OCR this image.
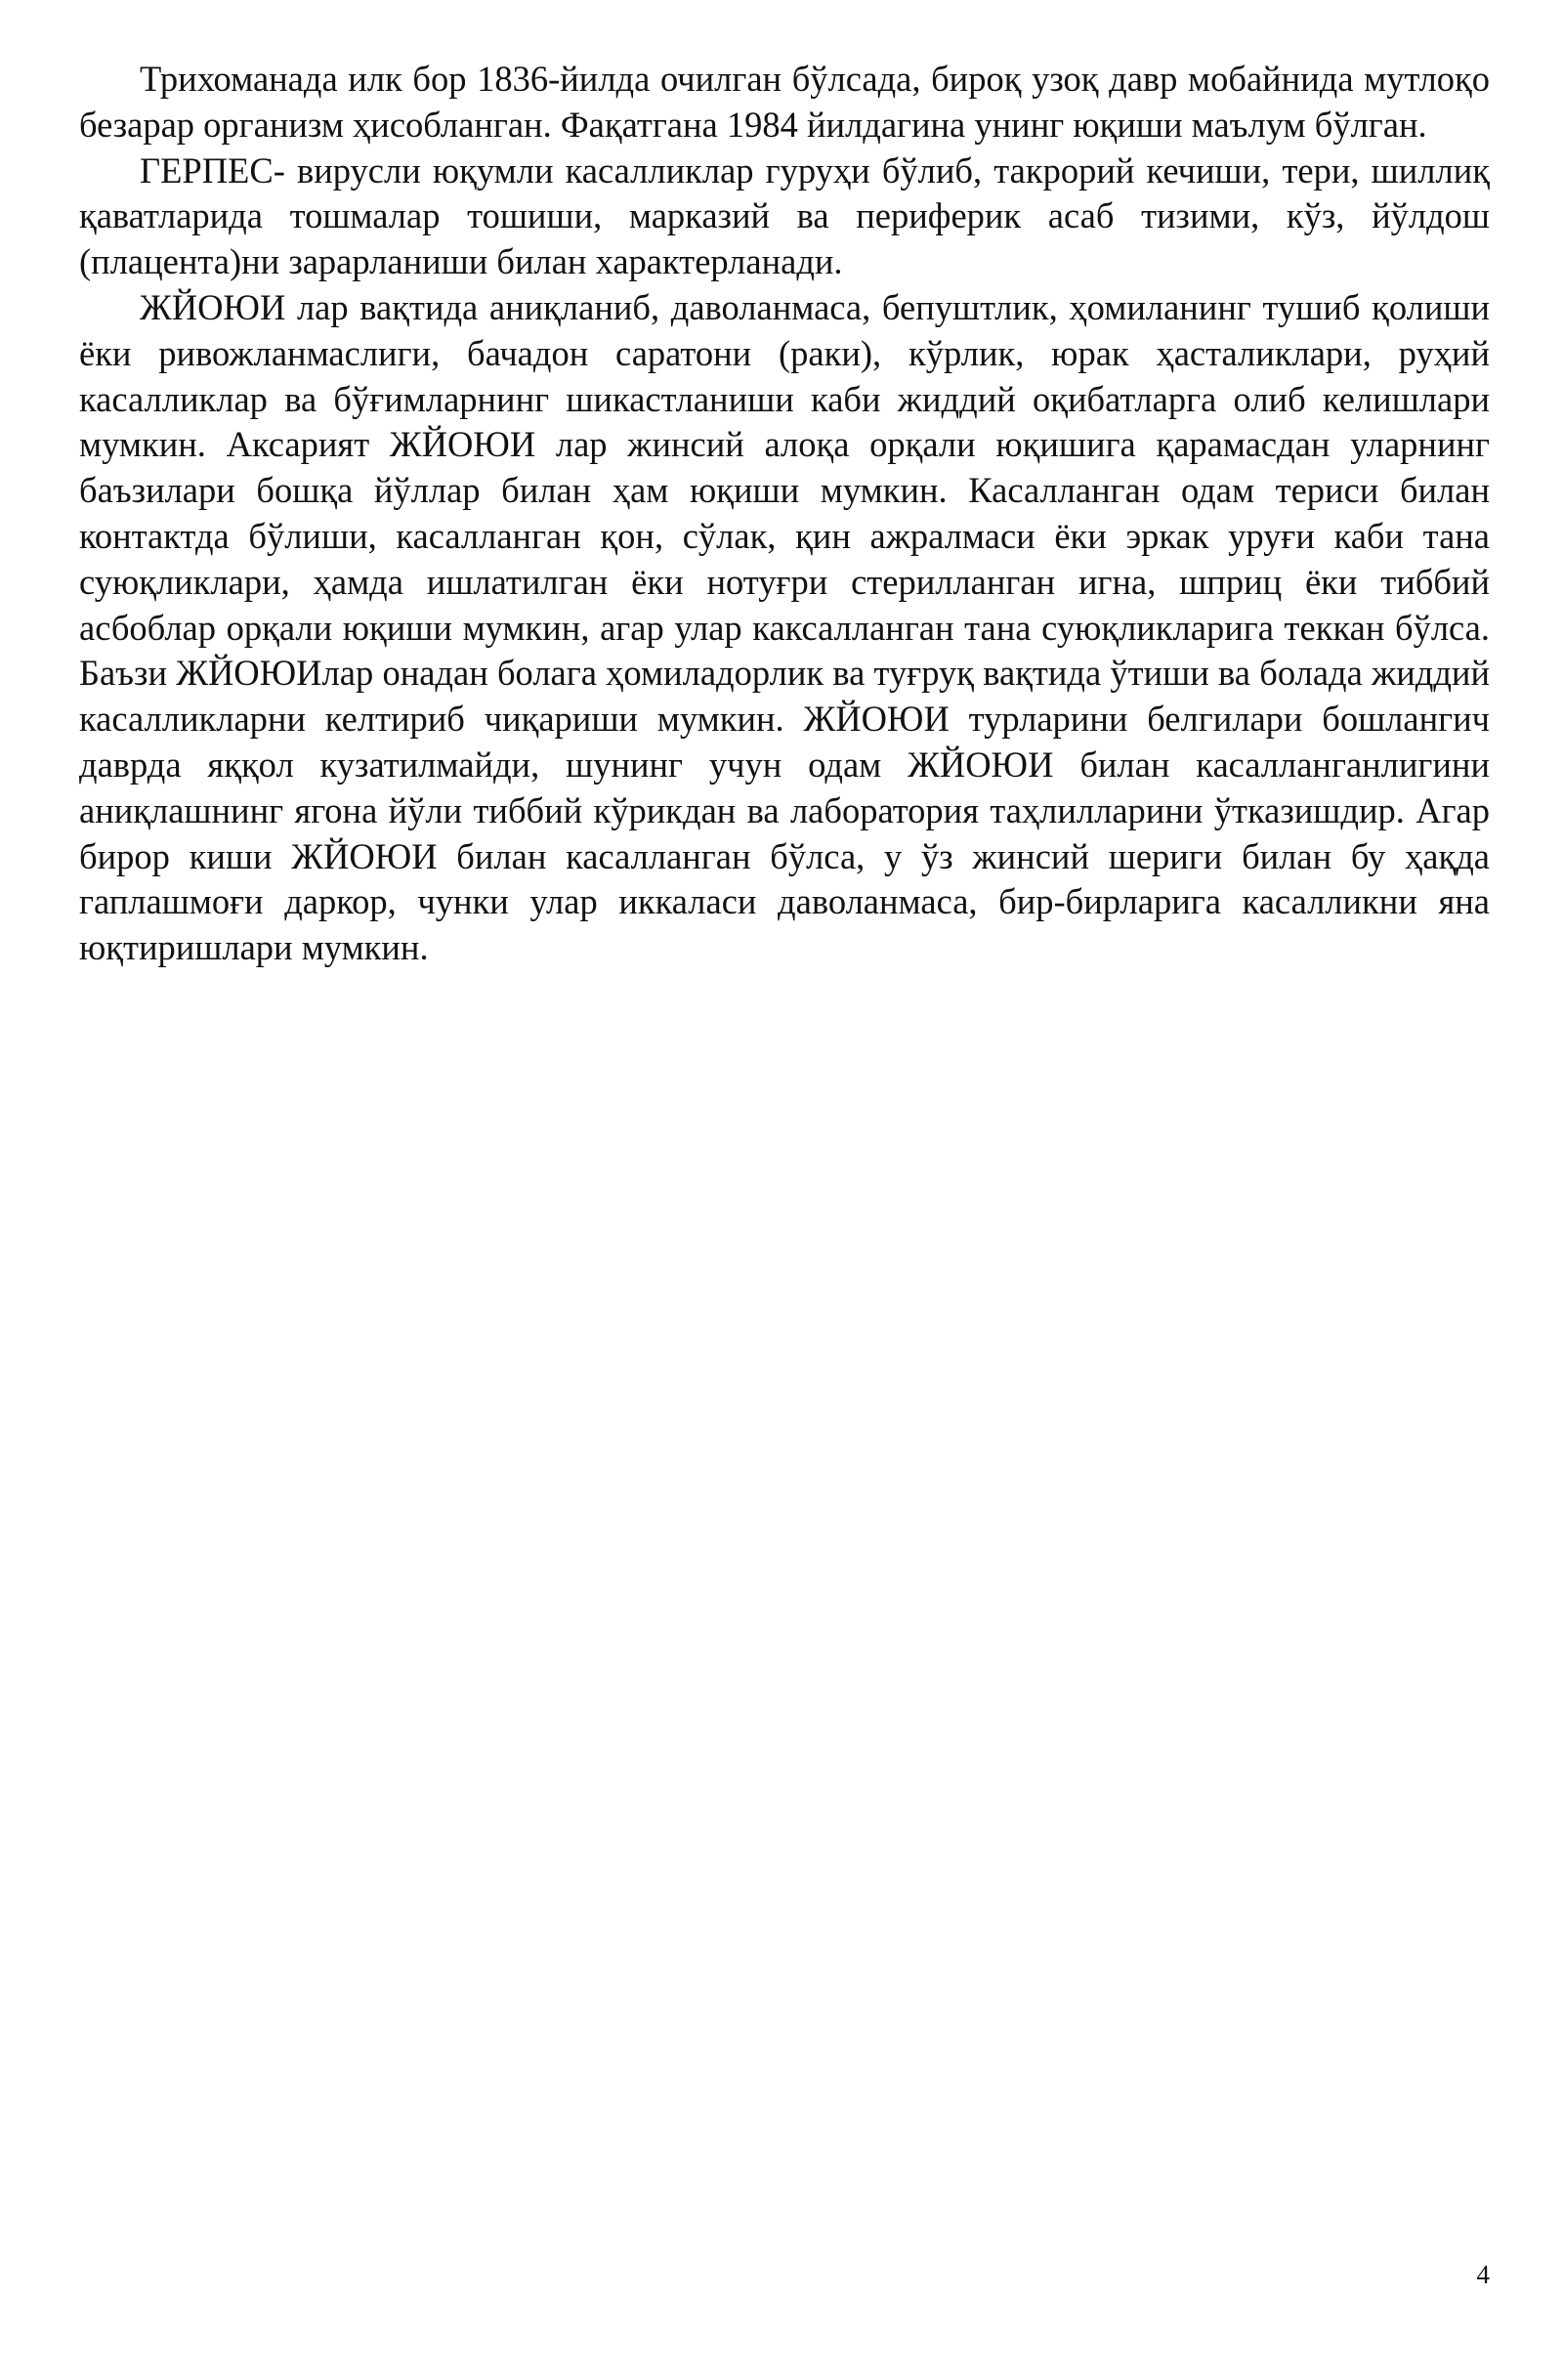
Трихоманада илк бор 1836-йилда очилган бўлсада, бироқ узоқ давр мобайнида мутлоқо безарар организм ҳисобланган. Фақатгана 1984 йилдагина унинг юқиши маълум бўлган.

ГЕРПЕС- вирусли юқумли касалликлар гуруҳи бўлиб, такрорий кечиши, тери, шиллиқ қаватларида тошмалар тошиши, марказий ва периферик асаб тизими, кўз, йўлдош (плацента)ни зарарланиши билан характерланади.

ЖЙОЮИ лар вақтида аниқланиб, даволанмаса, бепуштлик, ҳомиланинг тушиб қолиши ёки ривожланмаслиги, бачадон саратони (раки), кўрлик, юрак ҳасталиклари, руҳий касалликлар ва бўғимларнинг шикастланиши каби жиддий оқибатларга олиб келишлари мумкин. Аксарият ЖЙОЮИ лар жинсий алоқа орқали юқишига қарамасдан уларнинг баъзилари бошқа йўллар билан ҳам юқиши мумкин. Касалланган одам териси билан контактда бўлиши, касалланган қон, сўлак, қин ажралмаси ёки эркак уруғи каби тана суюқликлари, ҳамда ишлатилган ёки нотуғри стерилланган игна, шприц ёки тиббий асбоблар орқали юқиши мумкин, агар улар каксалланган тана суюқликларига теккан бўлса. Баъзи ЖЙОЮИлар онадан болага ҳомиладорлик ва туғруқ вақтида ўтиши ва болада жиддий касалликларни келтириб чиқариши мумкин. ЖЙОЮИ турларини белгилари бошлангич даврда яққол кузатилмайди, шунинг учун одам ЖЙОЮИ билан касалланганлигини аниқлашнинг ягона йўли тиббий кўрикдан ва лаборатория таҳлилларини ўтказишдир. Агар бирор киши ЖЙОЮИ билан касалланган бўлса, у ўз жинсий шериги билан бу ҳақда гаплашмоғи даркор, чунки улар иккаласи даволанмаса, бир-бирларига касалликни яна юқтиришлари мумкин.

4
